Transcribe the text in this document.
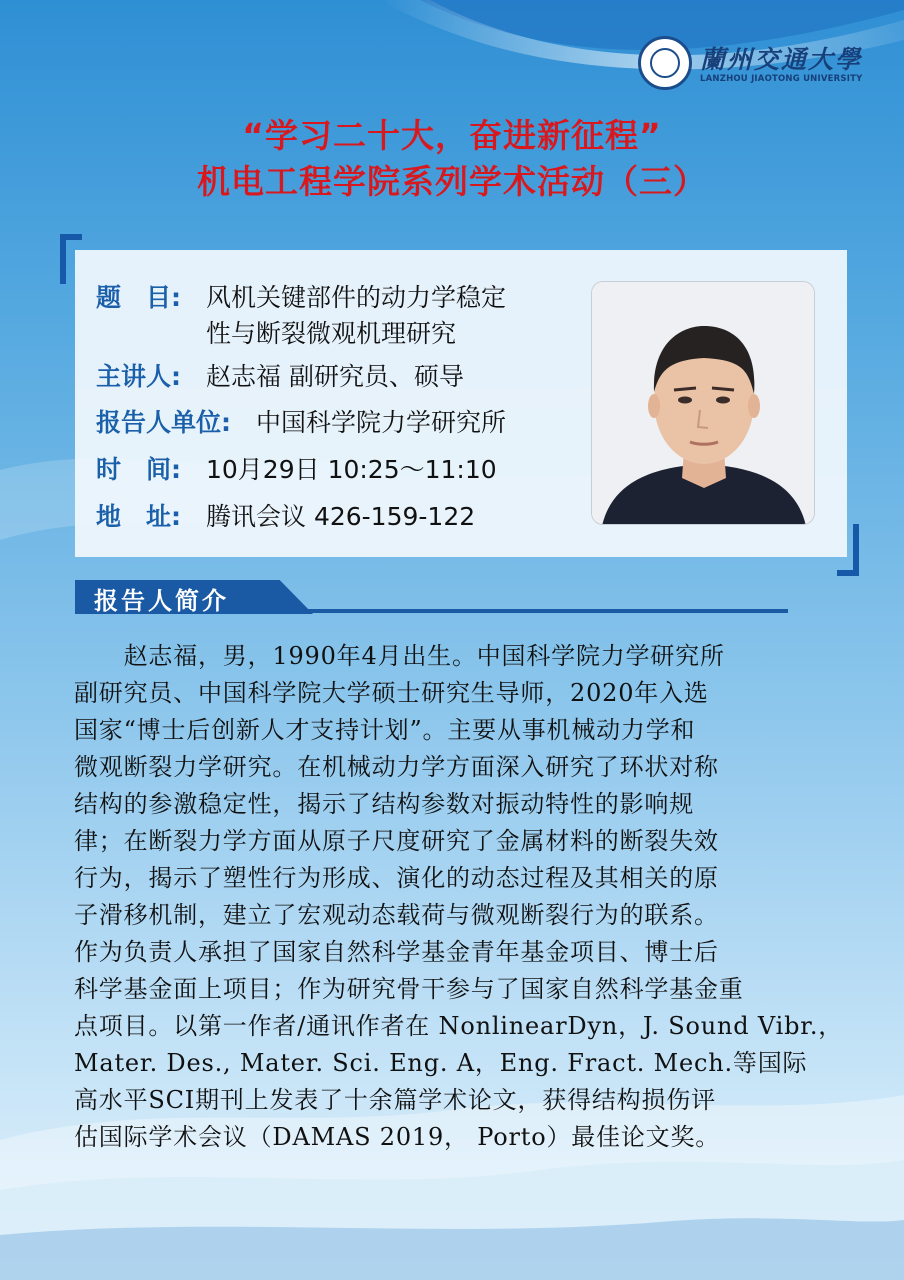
蘭州交通大學
LANZHOU JIAOTONG UNIVERSITY
“学习二十大，奋进新征程”
机电工程学院系列学术活动（三）
题　目: 风机关键部件的动力学稳定
性与断裂微观机理研究
主讲人: 赵志福 副研究员、硕导
报告人单位: 中国科学院力学研究所
时　间: 10月29日 10:25～11:10
地　址: 腾讯会议 426-159-122
报告人简介
　　赵志福，男，1990年4月出生。中国科学院力学研究所
副研究员、中国科学院大学硕士研究生导师，2020年入选
国家“博士后创新人才支持计划”。主要从事机械动力学和
微观断裂力学研究。在机械动力学方面深入研究了环状对称
结构的参激稳定性，揭示了结构参数对振动特性的影响规
律；在断裂力学方面从原子尺度研究了金属材料的断裂失效
行为，揭示了塑性行为形成、演化的动态过程及其相关的原
子滑移机制，建立了宏观动态载荷与微观断裂行为的联系。
作为负责人承担了国家自然科学基金青年基金项目、博士后
科学基金面上项目；作为研究骨干参与了国家自然科学基金重
点项目。以第一作者/通讯作者在 NonlinearDyn，J. Sound Vibr.，
Mater. Des., Mater. Sci. Eng. A，Eng. Fract. Mech.等国际
高水平SCI期刊上发表了十余篇学术论文，获得结构损伤评
估国际学术会议（DAMAS 2019， Porto）最佳论文奖。
